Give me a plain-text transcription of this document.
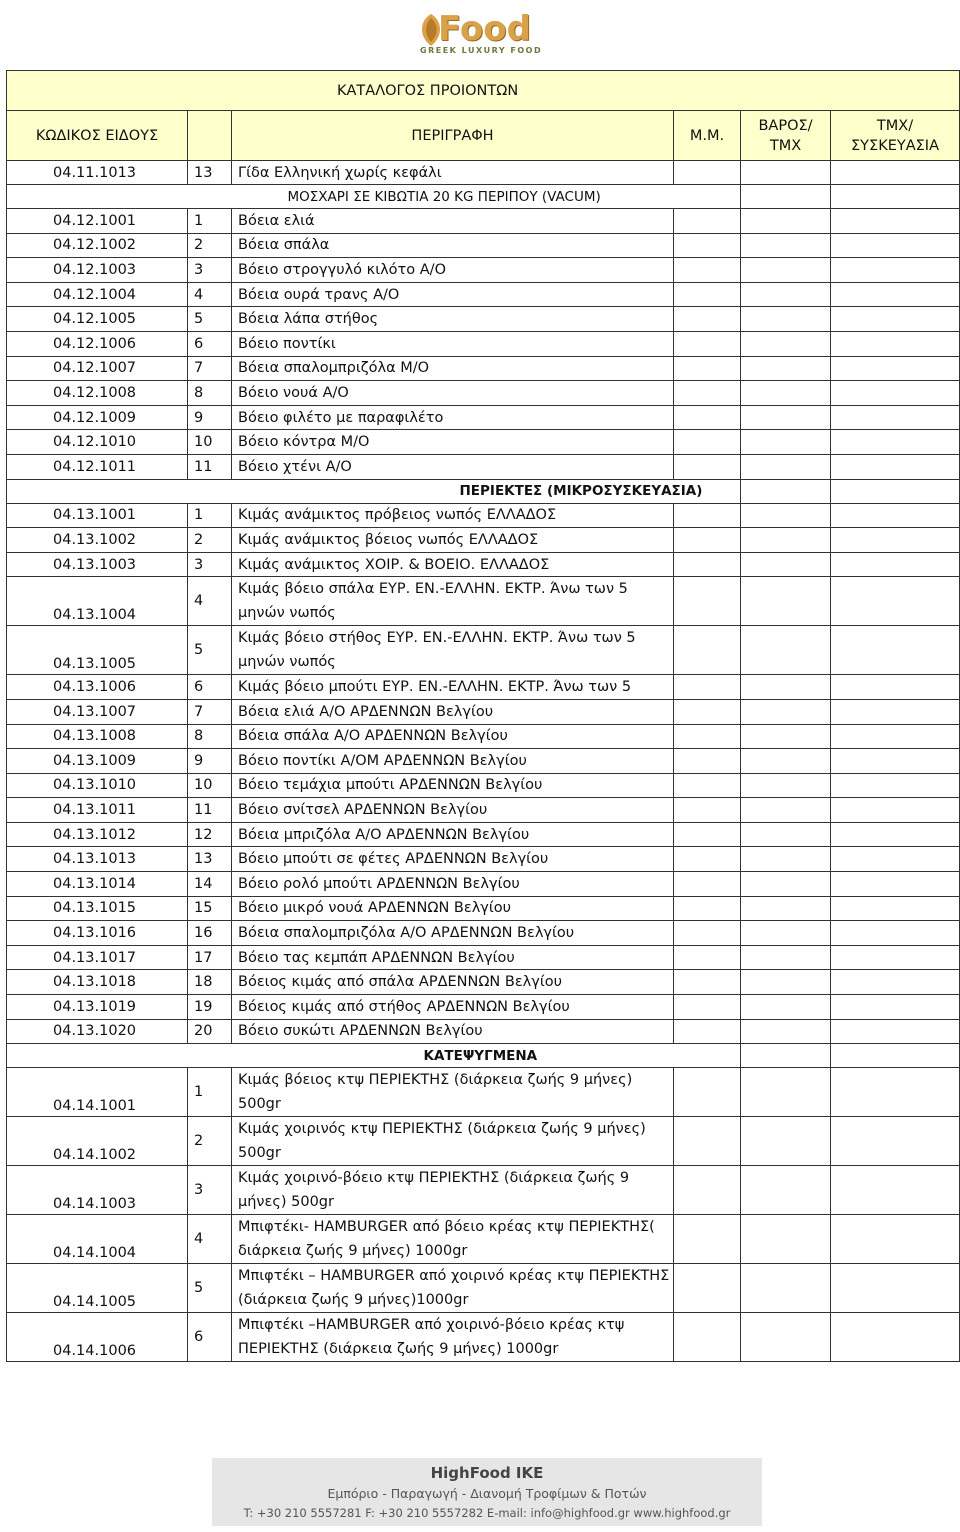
Food
GREEK LUXURY FOOD
ΚΑΤΑΛΟΓΟΣ ΠΡΟΙΟΝΤΩΝ					
ΚΩΔΙΚΟΣ ΕΙΔΟΥΣ		ΠΕΡΙΓΡΑΦΗ	Μ.Μ.	ΒΑΡΟΣ/ ΤΜΧ	ΤΜΧ/ ΣΥΣΚΕΥΑΣΙΑ
04.11.1013	13	Γίδα Ελληνική χωρίς κεφάλι			
		ΜΟΣΧΑΡΙ ΣΕ ΚΙΒΩΤΙΑ 20 KG ΠΕΡΙΠΟΥ (VACUM)			
04.12.1001	1	Βόεια ελιά			
04.12.1002	2	Βόεια σπάλα			
04.12.1003	3	Βόειο στρογγυλό κιλότο Α/Ο			
04.12.1004	4	Βόεια ουρά τρανς Α/Ο			
04.12.1005	5	Βόεια λάπα στήθος			
04.12.1006	6	Βόειο ποντίκι			
04.12.1007	7	Βόεια σπαλομπριζόλα Μ/Ο			
04.12.1008	8	Βόειο νουά Α/Ο			
04.12.1009	9	Βόειο φιλέτο με παραφιλέτο			
04.12.1010	10	Βόειο κόντρα Μ/Ο			
04.12.1011	11	Βόειο χτένι Α/Ο			
		ΠΕΡΙΕΚΤΕΣ (ΜΙΚΡΟΣΥΣΚΕΥΑΣΙΑ)			
04.13.1001	1	Κιμάς ανάμικτος πρόβειος νωπός ΕΛΛΑΔΟΣ			
04.13.1002	2	Κιμάς ανάμικτος βόειος νωπός ΕΛΛΑΔΟΣ			
04.13.1003	3	Κιμάς ανάμικτος ΧΟΙΡ. & ΒΟΕΙΟ. ΕΛΛΑΔΟΣ			
04.13.1004	4	Κιμάς βόειο σπάλα ΕΥΡ. ΕΝ.-ΕΛΛΗΝ. ΕΚΤΡ. Άνω των 5 μηνών νωπός			
04.13.1005	5	Κιμάς βόειο στήθος ΕΥΡ. ΕΝ.-ΕΛΛΗΝ. ΕΚΤΡ. Άνω των 5 μηνών νωπός			
04.13.1006	6	Κιμάς βόειο μπούτι ΕΥΡ. ΕΝ.-ΕΛΛΗΝ. ΕΚΤΡ. Άνω των 5			
04.13.1007	7	Βόεια ελιά Α/Ο ΑΡΔΕΝΝΩΝ Βελγίου			
04.13.1008	8	Βόεια σπάλα Α/Ο ΑΡΔΕΝΝΩΝ Βελγίου			
04.13.1009	9	Βόειο ποντίκι Α/ΟΜ ΑΡΔΕΝΝΩΝ Βελγίου			
04.13.1010	10	Βόειο τεμάχια μπούτι ΑΡΔΕΝΝΩΝ Βελγίου			
04.13.1011	11	Βόειο σνίτσελ ΑΡΔΕΝΝΩΝ Βελγίου			
04.13.1012	12	Βόεια μπριζόλα Α/Ο ΑΡΔΕΝΝΩΝ Βελγίου			
04.13.1013	13	Βόειο μπούτι σε φέτες ΑΡΔΕΝΝΩΝ Βελγίου			
04.13.1014	14	Βόειο ρολό μπούτι ΑΡΔΕΝΝΩΝ Βελγίου			
04.13.1015	15	Βόειο μικρό νουά ΑΡΔΕΝΝΩΝ Βελγίου			
04.13.1016	16	Βόεια σπαλομπριζόλα Α/Ο ΑΡΔΕΝΝΩΝ Βελγίου			
04.13.1017	17	Βόειο τας κεμπάπ ΑΡΔΕΝΝΩΝ Βελγίου			
04.13.1018	18	Βόειος κιμάς από σπάλα ΑΡΔΕΝΝΩΝ Βελγίου			
04.13.1019	19	Βόειος κιμάς από στήθος ΑΡΔΕΝΝΩΝ Βελγίου			
04.13.1020	20	Βόειο συκώτι ΑΡΔΕΝΝΩΝ Βελγίου			
		ΚΑΤΕΨΥΓΜΕΝΑ			
04.14.1001	1	Κιμάς βόειος κτψ ΠΕΡΙΕΚΤΗΣ (διάρκεια ζωής 9 μήνες) 500gr			
04.14.1002	2	Κιμάς χοιρινός κτψ ΠΕΡΙΕΚΤΗΣ (διάρκεια ζωής 9 μήνες) 500gr			
04.14.1003	3	Κιμάς χοιρινό-βόειο κτψ ΠΕΡΙΕΚΤΗΣ (διάρκεια ζωής 9 μήνες) 500gr			
04.14.1004	4	Μπιφτέκι- HAMBURGER από βόειο κρέας κτψ ΠΕΡΙΕΚΤΗΣ( διάρκεια ζωής 9 μήνες) 1000gr			
04.14.1005	5	Μπιφτέκι – HAMBURGER από χοιρινό κρέας κτψ ΠΕΡΙΕΚΤΗΣ (διάρκεια ζωής 9 μήνες)1000gr			
04.14.1006	6	Μπιφτέκι –HAMBURGER από χοιρινό-βόειο κρέας κτψ ΠΕΡΙΕΚΤΗΣ (διάρκεια ζωής 9 μήνες) 1000gr			
HighFood ΙΚΕ
Εμπόριο - Παραγωγή - Διανομή Τροφίμων & Ποτών
T: +30 210 5557281 F: +30 210 5557282 E-mail: info@highfood.gr www.highfood.gr
